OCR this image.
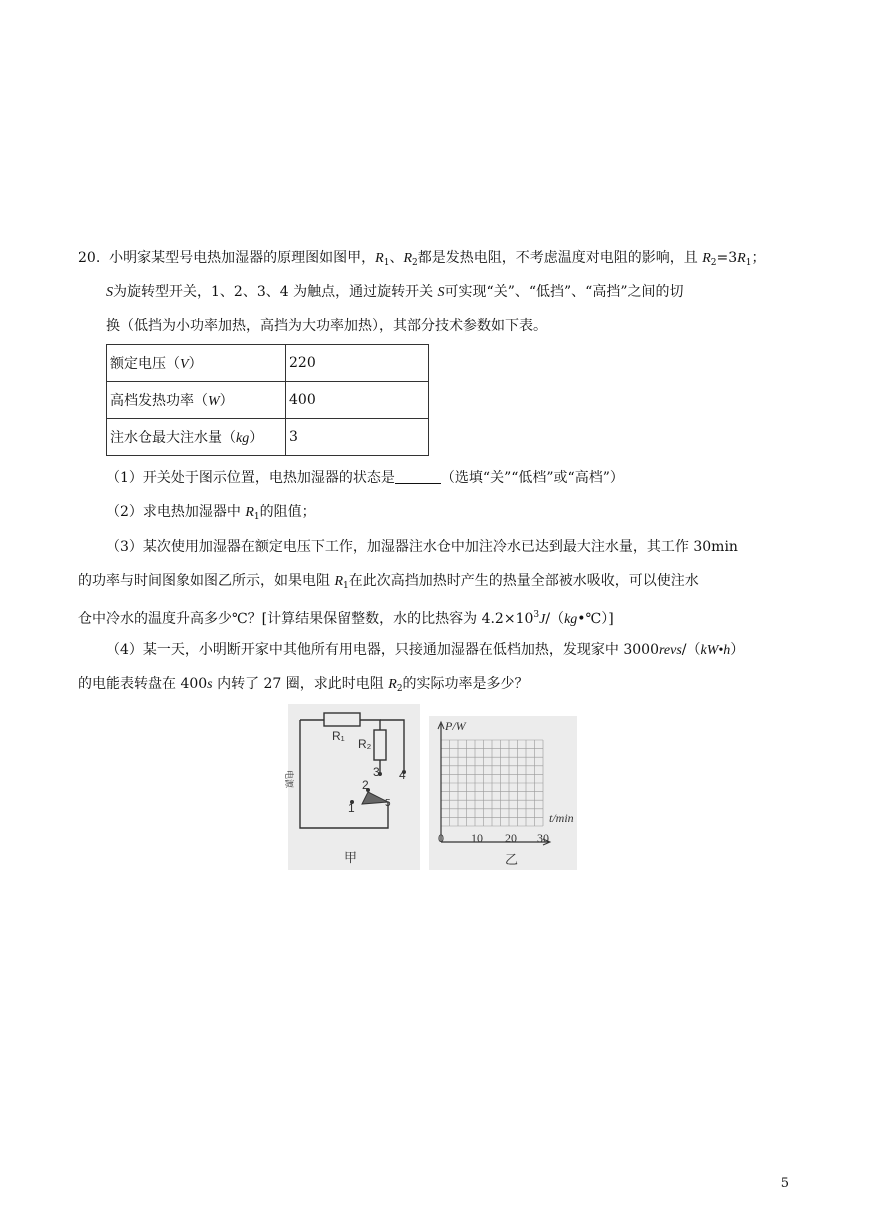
20. 小明家某型号电热加湿器的原理图如图甲，$R_1$、$R_2$都是发热电阻，不考虑温度对电阻的影响，且 $R_2=3R_1$；
S为旋转型开关，1、2、3、4 为触点，通过旋转开关 S可实现“关”、“低挡”、“高挡”之间的切
换（低挡为小功率加热，高挡为大功率加热），其部分技术参数如下表。
额定电压（V）	220
高档发热功率（W）	400
注水仓最大注水量（kg）	3
（1）开关处于图示位置，电热加湿器的状态是	（选填“关”“低档”或“高档”）
（2）求电热加湿器中 $R_1$的阻值；
（3）某次使用加湿器在额定电压下工作，加湿器注水仓中加注冷水已达到最大注水量，其工作 30min
的功率与时间图象如图乙所示，如果电阻 $R_1$在此次高挡加热时产生的热量全部被水吸收，可以使注水
仓中冷水的温度升高多少℃？[计算结果保留整数，水的比热容为 $4.2\times 10^3J/(kg•℃)$]
（4）某一天，小明断开家中其他所有用电器，只接通加湿器在低档加热，发现家中 3000revs/（kW•h）
的电能表转盘在 400s 内转了 27 圈，求此时电阻 $R_2$的实际功率是多少？
R₁
R₂
3 4
2
1	5
电源
甲
P/W
t/min
0 10 20 30
乙
5
